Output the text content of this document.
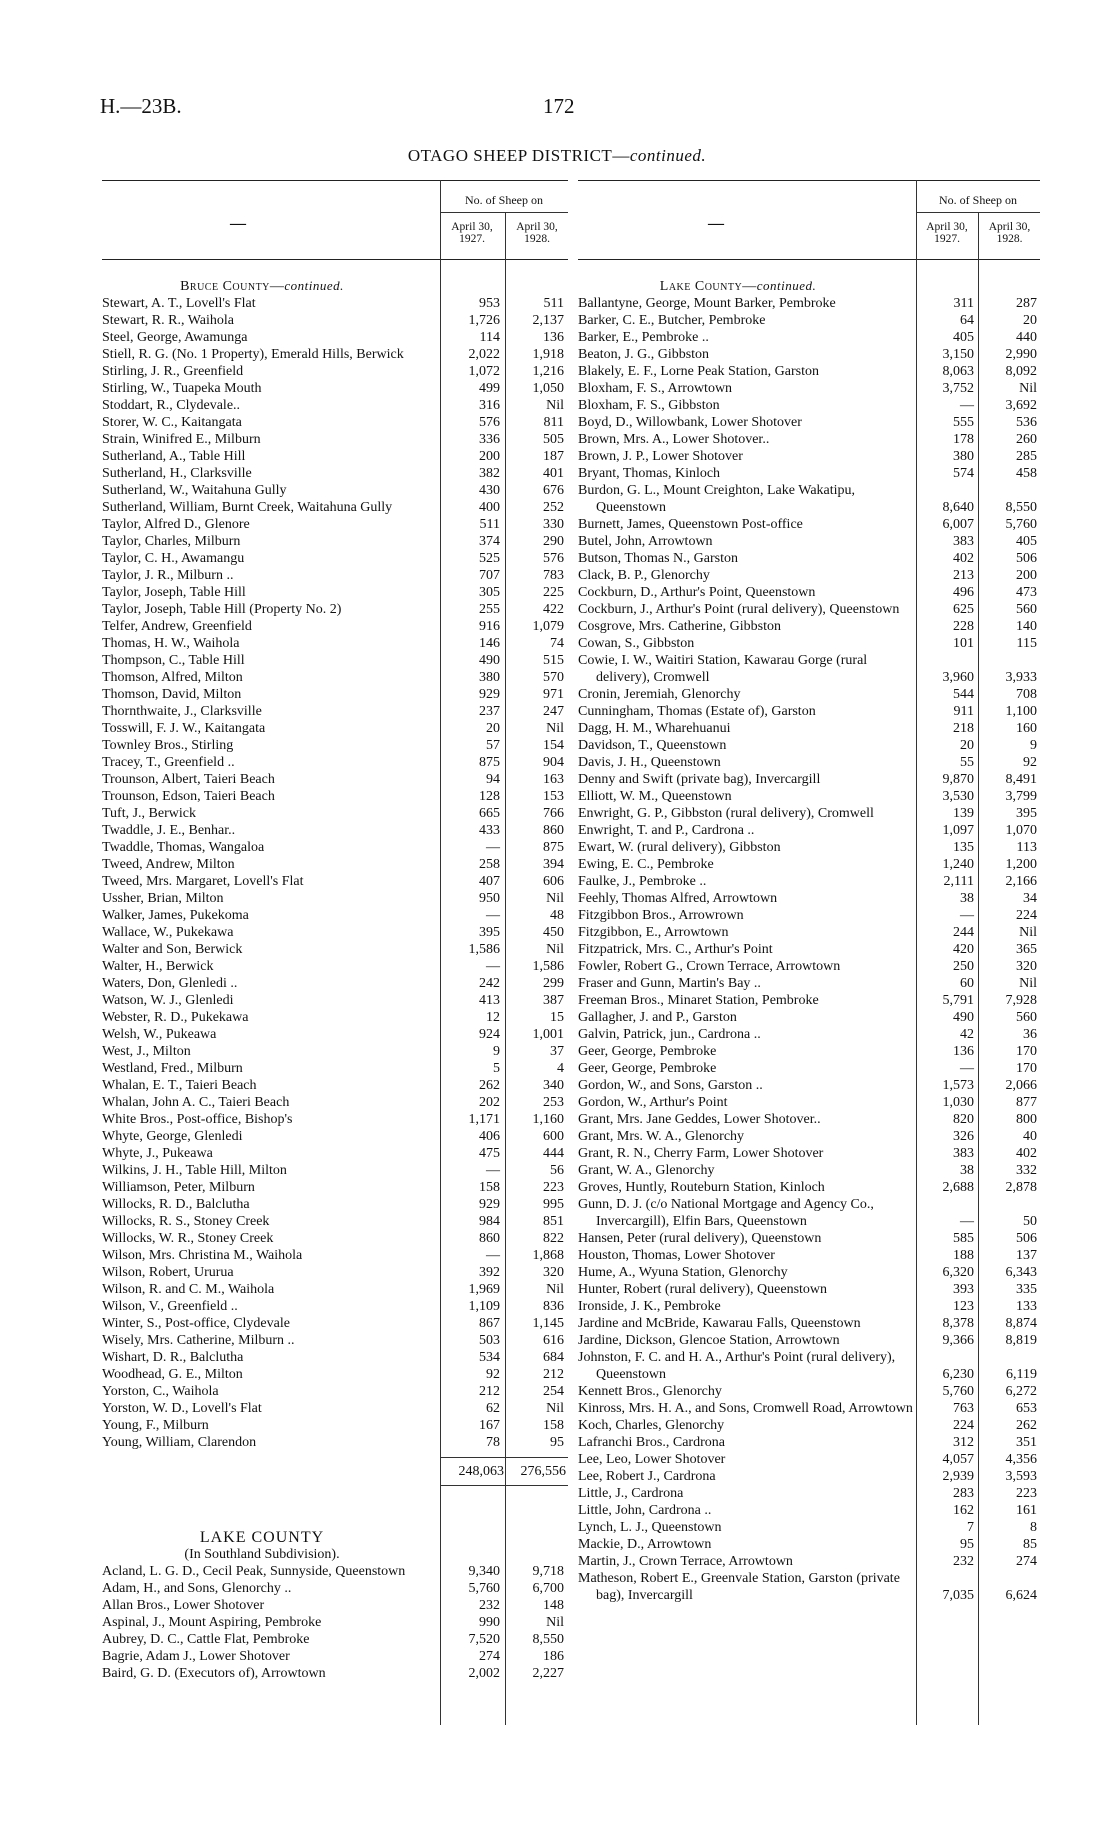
H.—23B.	172
OTAGO SHEEP DISTRICT—continued.
—
No. of Sheep on
April 30, 1927.
April 30, 1928.
Bruce County—continued.
Stewart, A. T., Lovell's Flat	953	511
Stewart, R. R., Waihola	1,726	2,137
Steel, George, Awamunga	114	136
Stiell, R. G. (No. 1 Property), Emerald Hills, Berwick	2,022	1,918
Stirling, J. R., Greenfield	1,072	1,216
Stirling, W., Tuapeka Mouth	499	1,050
Stoddart, R., Clydevale..	316	Nil
Storer, W. C., Kaitangata	576	811
Strain, Winifred E., Milburn	336	505
Sutherland, A., Table Hill	200	187
Sutherland, H., Clarksville	382	401
Sutherland, W., Waitahuna Gully	430	676
Sutherland, William, Burnt Creek, Waitahuna Gully	400	252
Taylor, Alfred D., Glenore	511	330
Taylor, Charles, Milburn	374	290
Taylor, C. H., Awamangu	525	576
Taylor, J. R., Milburn ..	707	783
Taylor, Joseph, Table Hill	305	225
Taylor, Joseph, Table Hill (Property No. 2)	255	422
Telfer, Andrew, Greenfield	916	1,079
Thomas, H. W., Waihola	146	74
Thompson, C., Table Hill	490	515
Thomson, Alfred, Milton	380	570
Thomson, David, Milton	929	971
Thornthwaite, J., Clarksville	237	247
Tosswill, F. J. W., Kaitangata	20	Nil
Townley Bros., Stirling	57	154
Tracey, T., Greenfield ..	875	904
Trounson, Albert, Taieri Beach	94	163
Trounson, Edson, Taieri Beach	128	153
Tuft, J., Berwick	665	766
Twaddle, J. E., Benhar..	433	860
Twaddle, Thomas, Wangaloa	—	875
Tweed, Andrew, Milton	258	394
Tweed, Mrs. Margaret, Lovell's Flat	407	606
Ussher, Brian, Milton	950	Nil
Walker, James, Pukekoma	—	48
Wallace, W., Pukekawa	395	450
Walter and Son, Berwick	1,586	Nil
Walter, H., Berwick	—	1,586
Waters, Don, Glenledi ..	242	299
Watson, W. J., Glenledi	413	387
Webster, R. D., Pukekawa	12	15
Welsh, W., Pukeawa	924	1,001
West, J., Milton	9	37
Westland, Fred., Milburn	5	4
Whalan, E. T., Taieri Beach	262	340
Whalan, John A. C., Taieri Beach	202	253
White Bros., Post-office, Bishop's	1,171	1,160
Whyte, George, Glenledi	406	600
Whyte, J., Pukeawa	475	444
Wilkins, J. H., Table Hill, Milton	—	56
Williamson, Peter, Milburn	158	223
Willocks, R. D., Balclutha	929	995
Willocks, R. S., Stoney Creek	984	851
Willocks, W. R., Stoney Creek	860	822
Wilson, Mrs. Christina M., Waihola	—	1,868
Wilson, Robert, Ururua	392	320
Wilson, R. and C. M., Waihola	1,969	Nil
Wilson, V., Greenfield ..	1,109	836
Winter, S., Post-office, Clydevale	867	1,145
Wisely, Mrs. Catherine, Milburn ..	503	616
Wishart, D. R., Balclutha	534	684
Woodhead, G. E., Milton	92	212
Yorston, C., Waihola	212	254
Yorston, W. D., Lovell's Flat	62	Nil
Young, F., Milburn	167	158
Young, William, Clarendon	78	95
248,063	276,556
LAKE COUNTY
(In Southland Subdivision).
Acland, L. G. D., Cecil Peak, Sunnyside, Queenstown	9,340	9,718
Adam, H., and Sons, Glenorchy ..	5,760	6,700
Allan Bros., Lower Shotover	232	148
Aspinal, J., Mount Aspiring, Pembroke	990	Nil
Aubrey, D. C., Cattle Flat, Pembroke	7,520	8,550
Bagrie, Adam J., Lower Shotover	274	186
Baird, G. D. (Executors of), Arrowtown	2,002	2,227
—
No. of Sheep on
April 30, 1927.
April 30, 1928.
Lake County—continued.
Ballantyne, George, Mount Barker, Pembroke	311	287
Barker, C. E., Butcher, Pembroke	64	20
Barker, E., Pembroke ..	405	440
Beaton, J. G., Gibbston	3,150	2,990
Blakely, E. F., Lorne Peak Station, Garston	8,063	8,092
Bloxham, F. S., Arrowtown	3,752	Nil
Bloxham, F. S., Gibbston	—	3,692
Boyd, D., Willowbank, Lower Shotover	555	536
Brown, Mrs. A., Lower Shotover..	178	260
Brown, J. P., Lower Shotover	380	285
Bryant, Thomas, Kinloch	574	458
Burdon, G. L., Mount Creighton, Lake Wakatipu, Queenstown	8,640	8,550
Burnett, James, Queenstown Post-office	6,007	5,760
Butel, John, Arrowtown	383	405
Butson, Thomas N., Garston	402	506
Clack, B. P., Glenorchy	213	200
Cockburn, D., Arthur's Point, Queenstown	496	473
Cockburn, J., Arthur's Point (rural delivery), Queenstown	625	560
Cosgrove, Mrs. Catherine, Gibbston	228	140
Cowan, S., Gibbston	101	115
Cowie, I. W., Waitiri Station, Kawarau Gorge (rural delivery), Cromwell	3,960	3,933
Cronin, Jeremiah, Glenorchy	544	708
Cunningham, Thomas (Estate of), Garston	911	1,100
Dagg, H. M., Wharehuanui	218	160
Davidson, T., Queenstown	20	9
Davis, J. H., Queenstown	55	92
Denny and Swift (private bag), Invercargill	9,870	8,491
Elliott, W. M., Queenstown	3,530	3,799
Enwright, G. P., Gibbston (rural delivery), Cromwell	139	395
Enwright, T. and P., Cardrona ..	1,097	1,070
Ewart, W. (rural delivery), Gibbston	135	113
Ewing, E. C., Pembroke	1,240	1,200
Faulke, J., Pembroke ..	2,111	2,166
Feehly, Thomas Alfred, Arrowtown	38	34
Fitzgibbon Bros., Arrowrown	—	224
Fitzgibbon, E., Arrowtown	244	Nil
Fitzpatrick, Mrs. C., Arthur's Point	420	365
Fowler, Robert G., Crown Terrace, Arrowtown	250	320
Fraser and Gunn, Martin's Bay ..	60	Nil
Freeman Bros., Minaret Station, Pembroke	5,791	7,928
Gallagher, J. and P., Garston	490	560
Galvin, Patrick, jun., Cardrona ..	42	36
Geer, George, Pembroke	136	170
Geer, George, Pembroke	—	170
Gordon, W., and Sons, Garston ..	1,573	2,066
Gordon, W., Arthur's Point	1,030	877
Grant, Mrs. Jane Geddes, Lower Shotover..	820	800
Grant, Mrs. W. A., Glenorchy	326	40
Grant, R. N., Cherry Farm, Lower Shotover	383	402
Grant, W. A., Glenorchy	38	332
Groves, Huntly, Routeburn Station, Kinloch	2,688	2,878
Gunn, D. J. (c/o National Mortgage and Agency Co., Invercargill), Elfin Bars, Queenstown	—	50
Hansen, Peter (rural delivery), Queenstown	585	506
Houston, Thomas, Lower Shotover	188	137
Hume, A., Wyuna Station, Glenorchy	6,320	6,343
Hunter, Robert (rural delivery), Queenstown	393	335
Ironside, J. K., Pembroke	123	133
Jardine and McBride, Kawarau Falls, Queenstown	8,378	8,874
Jardine, Dickson, Glencoe Station, Arrowtown	9,366	8,819
Johnston, F. C. and H. A., Arthur's Point (rural delivery), Queenstown	6,230	6,119
Kennett Bros., Glenorchy	5,760	6,272
Kinross, Mrs. H. A., and Sons, Cromwell Road, Arrowtown	763	653
Koch, Charles, Glenorchy	224	262
Lafranchi Bros., Cardrona	312	351
Lee, Leo, Lower Shotover	4,057	4,356
Lee, Robert J., Cardrona	2,939	3,593
Little, J., Cardrona	283	223
Little, John, Cardrona ..	162	161
Lynch, L. J., Queenstown	7	8
Mackie, D., Arrowtown	95	85
Martin, J., Crown Terrace, Arrowtown	232	274
Matheson, Robert E., Greenvale Station, Garston (private bag), Invercargill	7,035	6,624
